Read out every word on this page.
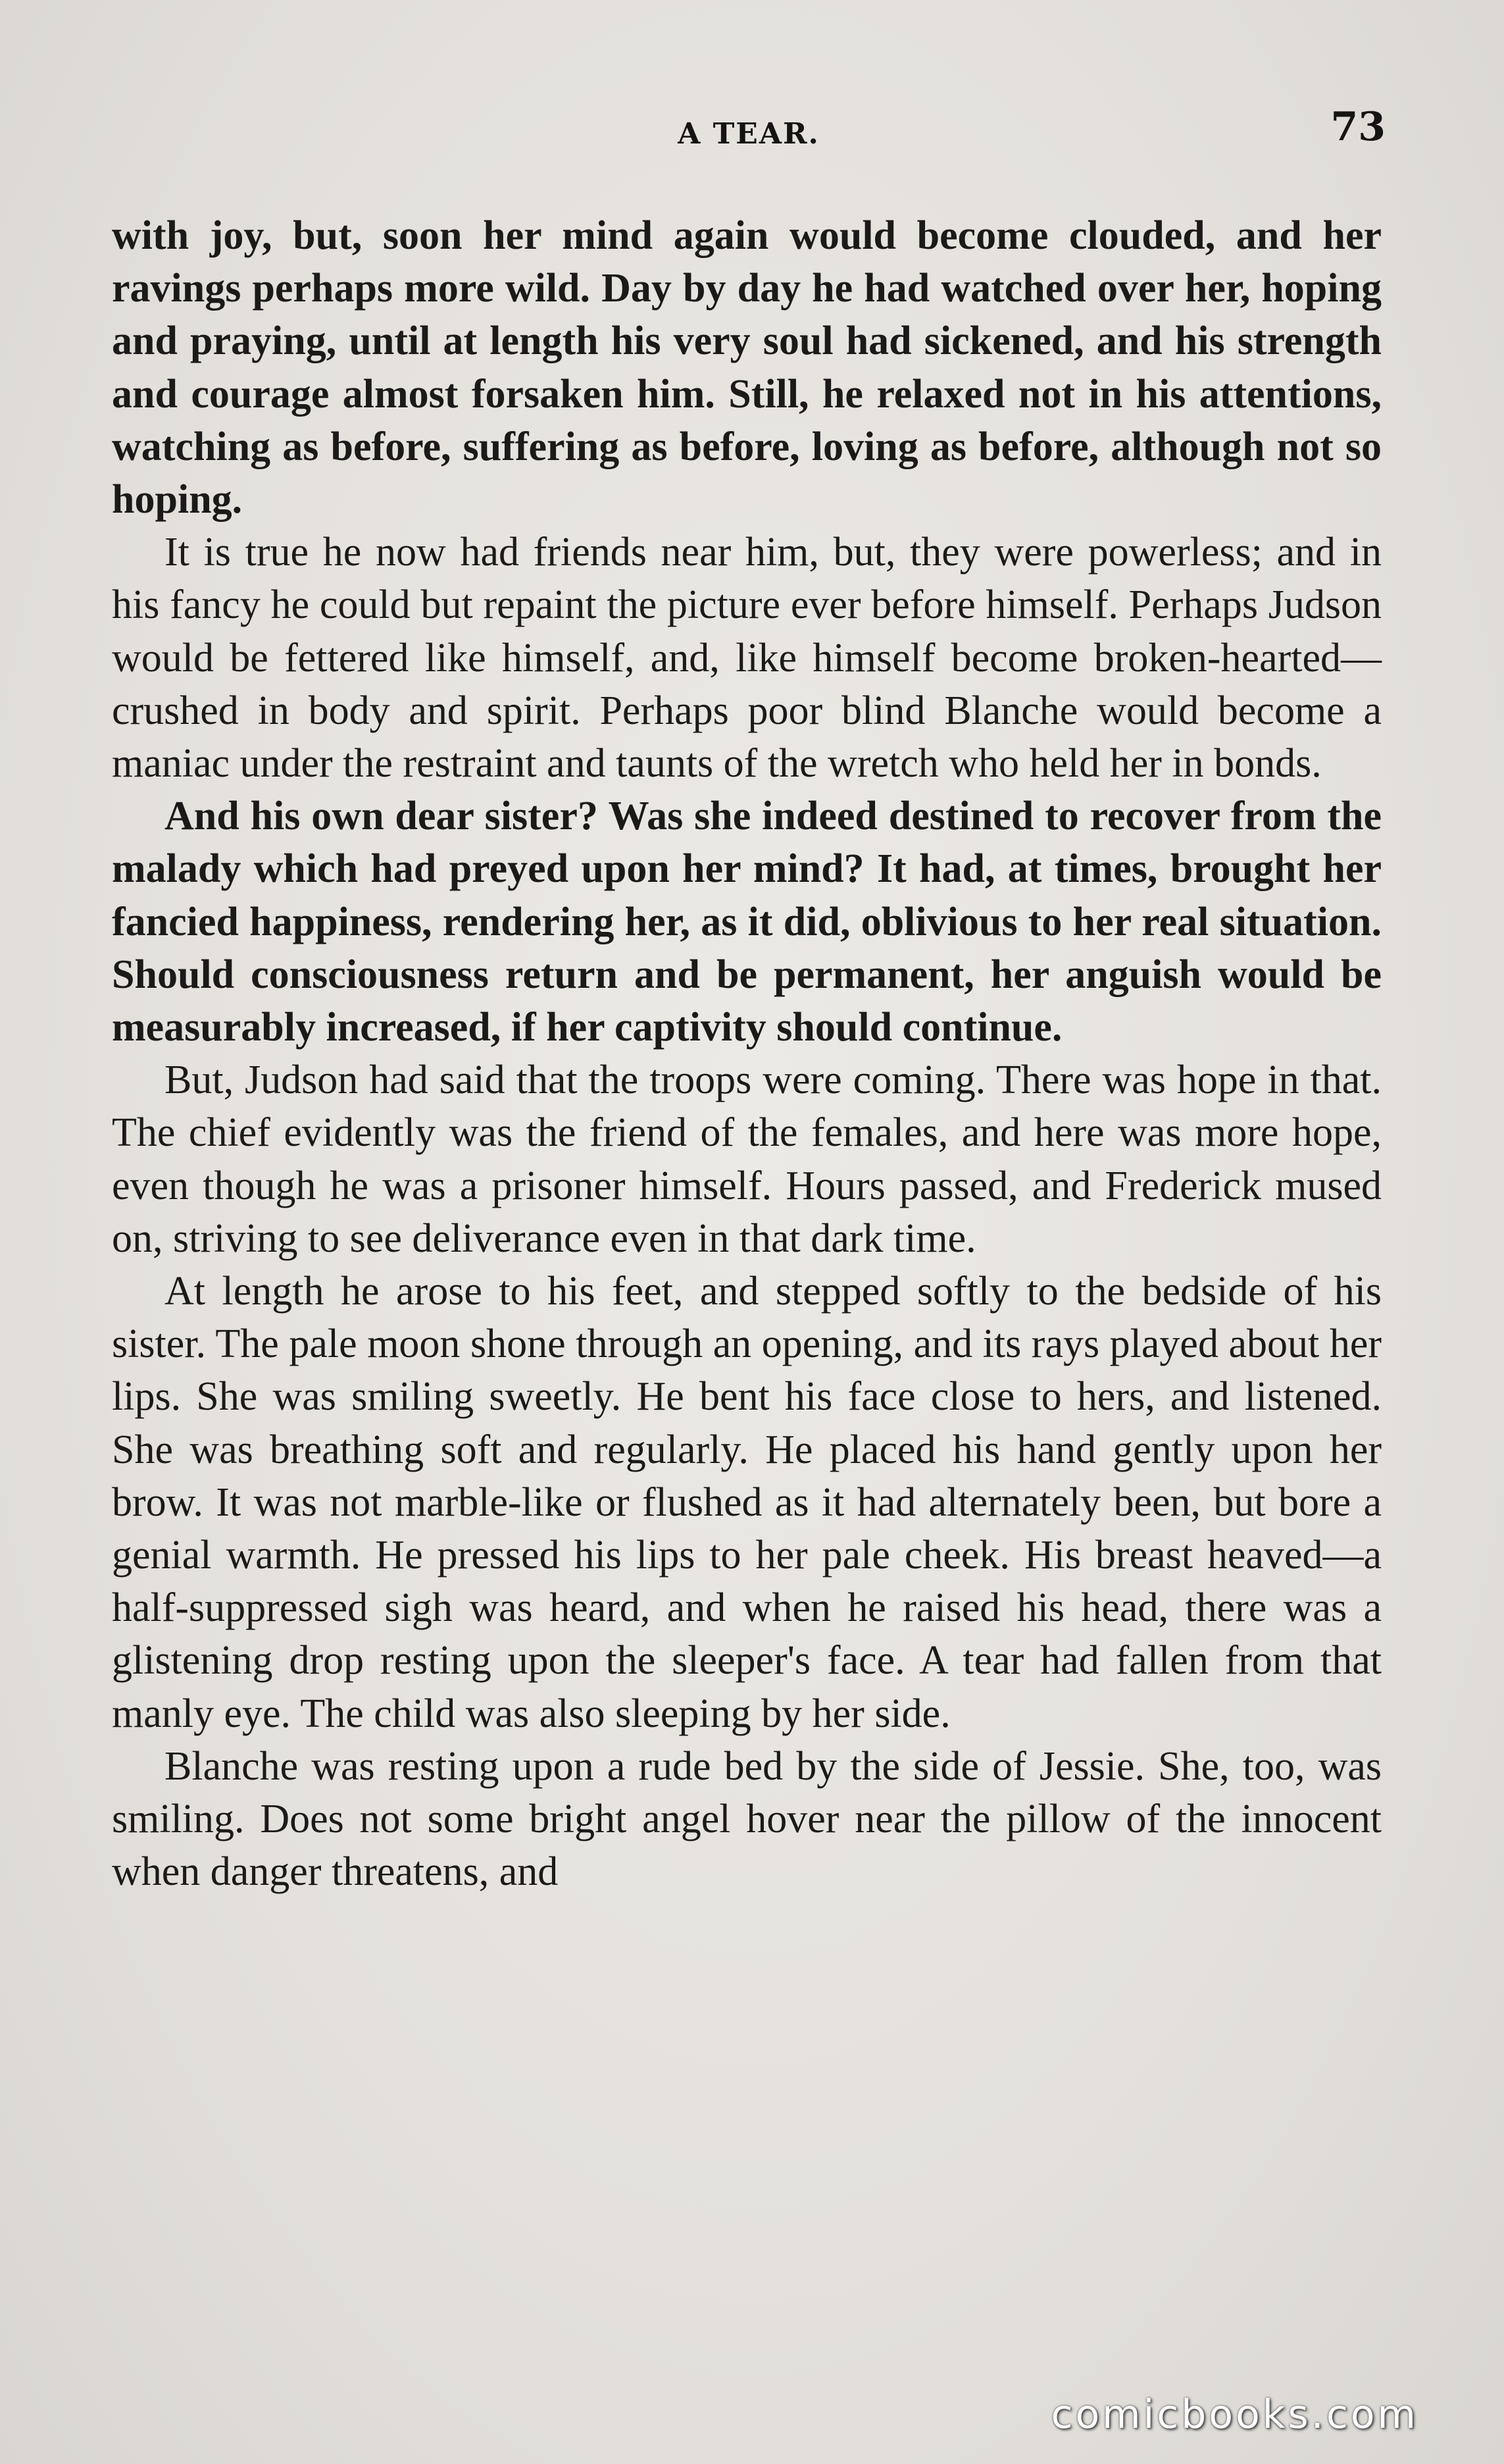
A TEAR.	73

with joy, but, soon her mind again would become clouded, and her ravings perhaps more wild. Day by day he had watched over her, hoping and praying, until at length his very soul had sickened, and his strength and courage almost forsaken him. Still, he relaxed not in his attentions, watching as before, suffering as before, loving as before, although not so hoping.

It is true he now had friends near him, but, they were powerless; and in his fancy he could but repaint the picture ever before himself. Perhaps Judson would be fettered like himself, and, like himself become broken-hearted—crushed in body and spirit. Perhaps poor blind Blanche would become a maniac under the restraint and taunts of the wretch who held her in bonds.

And his own dear sister? Was she indeed destined to recover from the malady which had preyed upon her mind? It had, at times, brought her fancied happiness, rendering her, as it did, oblivious to her real situation. Should consciousness return and be permanent, her anguish would be measurably increased, if her captivity should continue.

But, Judson had said that the troops were coming. There was hope in that. The chief evidently was the friend of the females, and here was more hope, even though he was a prisoner himself. Hours passed, and Frederick mused on, striving to see deliverance even in that dark time.

At length he arose to his feet, and stepped softly to the bedside of his sister. The pale moon shone through an opening, and its rays played about her lips. She was smiling sweetly. He bent his face close to hers, and listened. She was breathing soft and regularly. He placed his hand gently upon her brow. It was not marble-like or flushed as it had alternately been, but bore a genial warmth. He pressed his lips to her pale cheek. His breast heaved—a half-suppressed sigh was heard, and when he raised his head, there was a glistening drop resting upon the sleeper's face. A tear had fallen from that manly eye. The child was also sleeping by her side.

Blanche was resting upon a rude bed by the side of Jessie. She, too, was smiling. Does not some bright angel hover near the pillow of the innocent when danger threatens, and

comicbooks.com
